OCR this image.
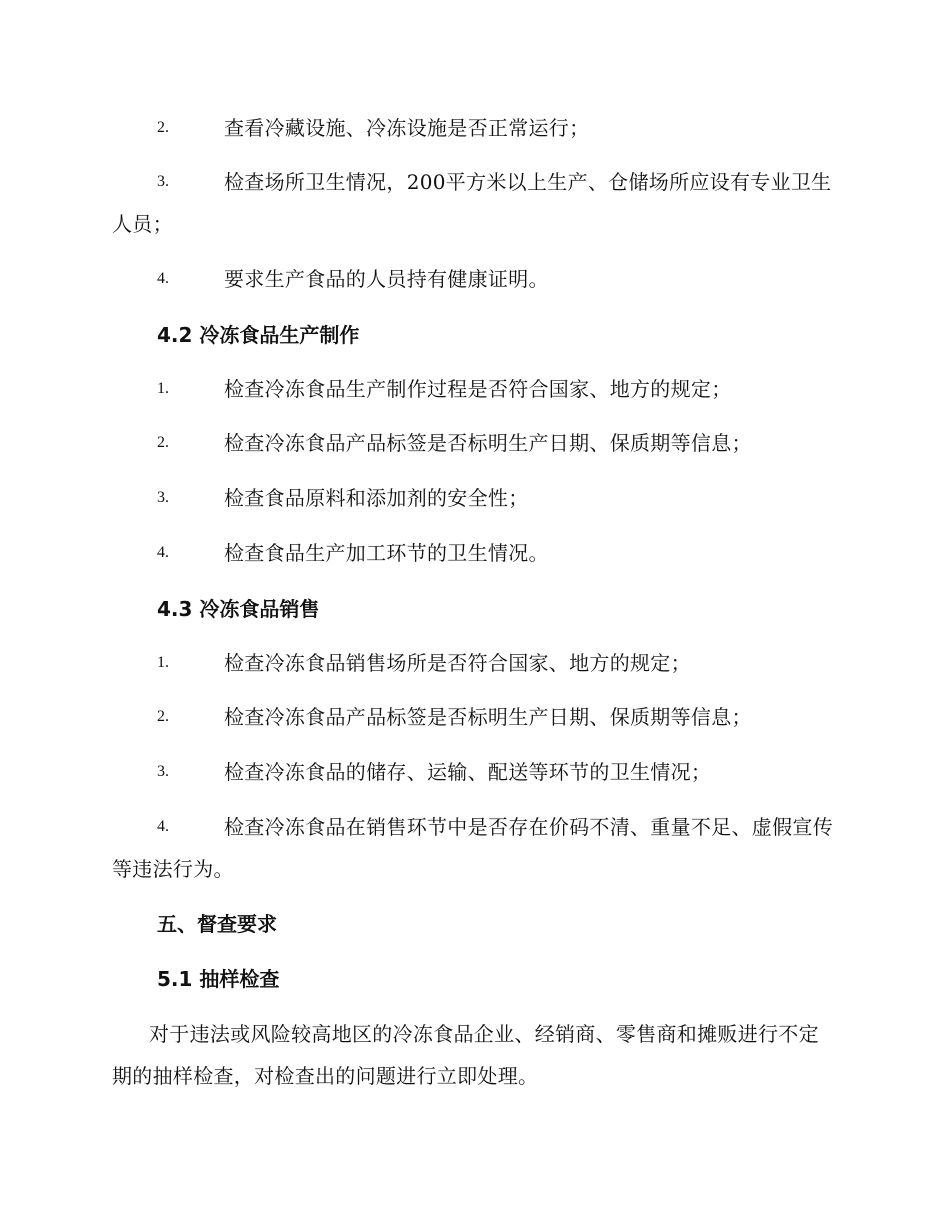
2.	查看冷藏设施、冷冻设施是否正常运行；
3.	检查场所卫生情况，200平方米以上生产、仓储场所应设有专业卫生人员；
4.	要求生产食品的人员持有健康证明。
4.2 冷冻食品生产制作
1.	检查冷冻食品生产制作过程是否符合国家、地方的规定；
2.	检查冷冻食品产品标签是否标明生产日期、保质期等信息；
3.	检查食品原料和添加剂的安全性；
4.	检查食品生产加工环节的卫生情况。
4.3 冷冻食品销售
1.	检查冷冻食品销售场所是否符合国家、地方的规定；
2.	检查冷冻食品产品标签是否标明生产日期、保质期等信息；
3.	检查冷冻食品的储存、运输、配送等环节的卫生情况；
4.	检查冷冻食品在销售环节中是否存在价码不清、重量不足、虚假宣传等违法行为。
五、督查要求
5.1 抽样检查
对于违法或风险较高地区的冷冻食品企业、经销商、零售商和摊贩进行不定期的抽样检查，对检查出的问题进行立即处理。
